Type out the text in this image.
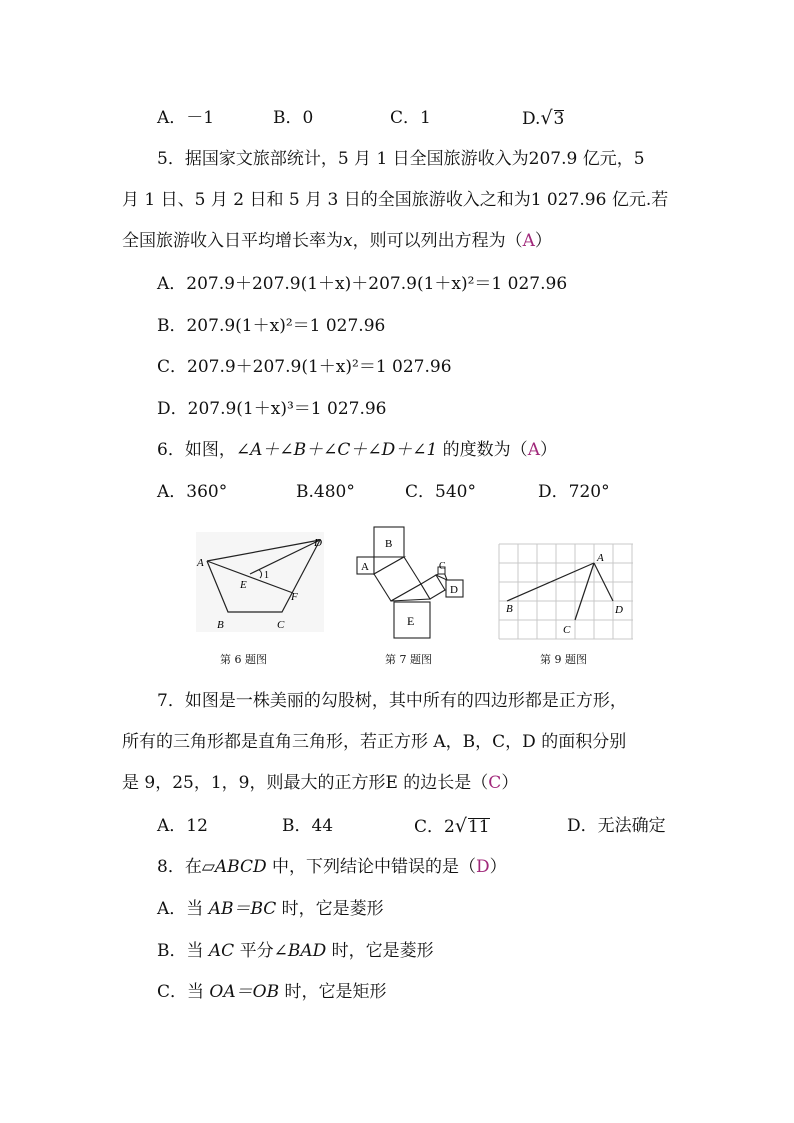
A．－1	B．0	C．1	D.√3
5．据国家文旅部统计，5 月 1 日全国旅游收入为207.9 亿元，5
月 1 日、5 月 2 日和 5 月 3 日的全国旅游收入之和为1 027.96 亿元.若
全国旅游收入日平均增长率为x，则可以列出方程为（A）
A．207.9＋207.9(1＋x)＋207.9(1＋x)²＝1 027.96
B．207.9(1＋x)²＝1 027.96
C．207.9＋207.9(1＋x)²＝1 027.96
D．207.9(1＋x)³＝1 027.96
6．如图，∠A＋∠B＋∠C＋∠D＋∠1 的度数为（A）
A．360°	B.480°	C．540°	D．720°
A
B	C
D
E
F
1
第 6 题图
B
A	C
D
E
第 7 题图
A
B
C
D
第 9 题图
7．如图是一株美丽的勾股树，其中所有的四边形都是正方形，
所有的三角形都是直角三角形，若正方形 A，B，C，D 的面积分别
是 9，25，1，9，则最大的正方形E 的边长是（C）
A．12	B．44	C．2√11	D．无法确定
8．在▱ABCD 中，下列结论中错误的是（D）
A．当 AB＝BC 时，它是菱形
B．当 AC 平分∠BAD 时，它是菱形
C．当 OA＝OB 时，它是矩形
